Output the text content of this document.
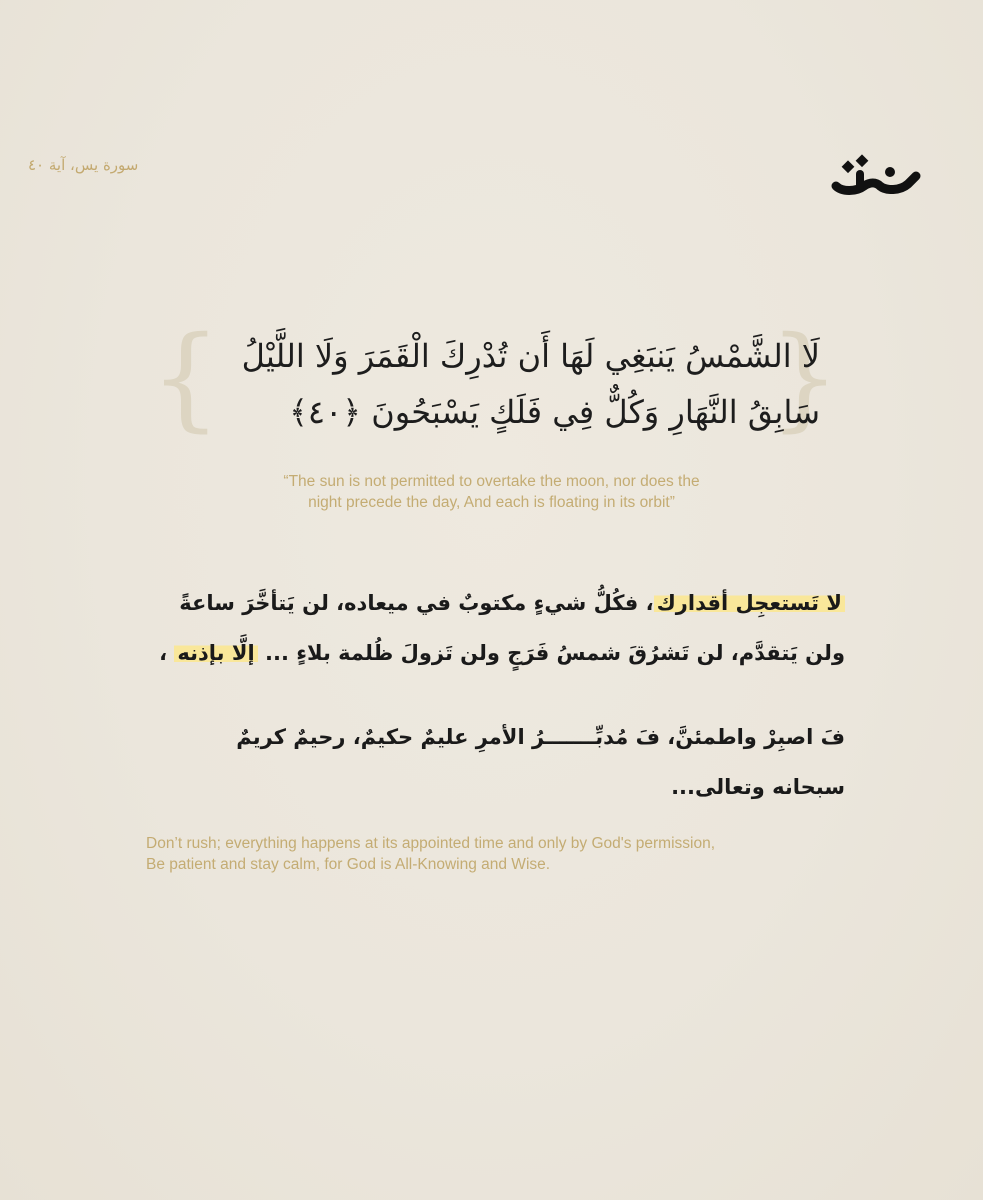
سورة يس، آية ٤٠
{	}
لَا الشَّمْسُ يَنبَغِي لَهَا أَن تُدْرِكَ الْقَمَرَ وَلَا اللَّيْلُ
سَابِقُ النَّهَارِ وَكُلٌّ فِي فَلَكٍ يَسْبَحُونَ ﴿٤٠﴾
“The sun is not permitted to overtake the moon, nor does the
night precede the day, And each is floating in its orbit”
لا تَستعجِل أقدارك، فكُلُّ شيءٍ مكتوبٌ في ميعاده، لن يَتأخَّرَ ساعةً
ولن يَتقدَّم، لن تَشرُقَ شمسُ فَرَجٍ ولن تَزولَ ظُلمة بلاءٍ ... إلَّا بإذنه ،
فَ اصبِرْ واطمئنَّ، فَ مُدبِّـــــــرُ الأمرِ عليمٌ حكيمٌ، رحيمٌ كريمٌ
سبحانه وتعالى...
Don’t rush; everything happens at its appointed time and only by God's permission,
Be patient and stay calm, for God is All-Knowing and Wise.
